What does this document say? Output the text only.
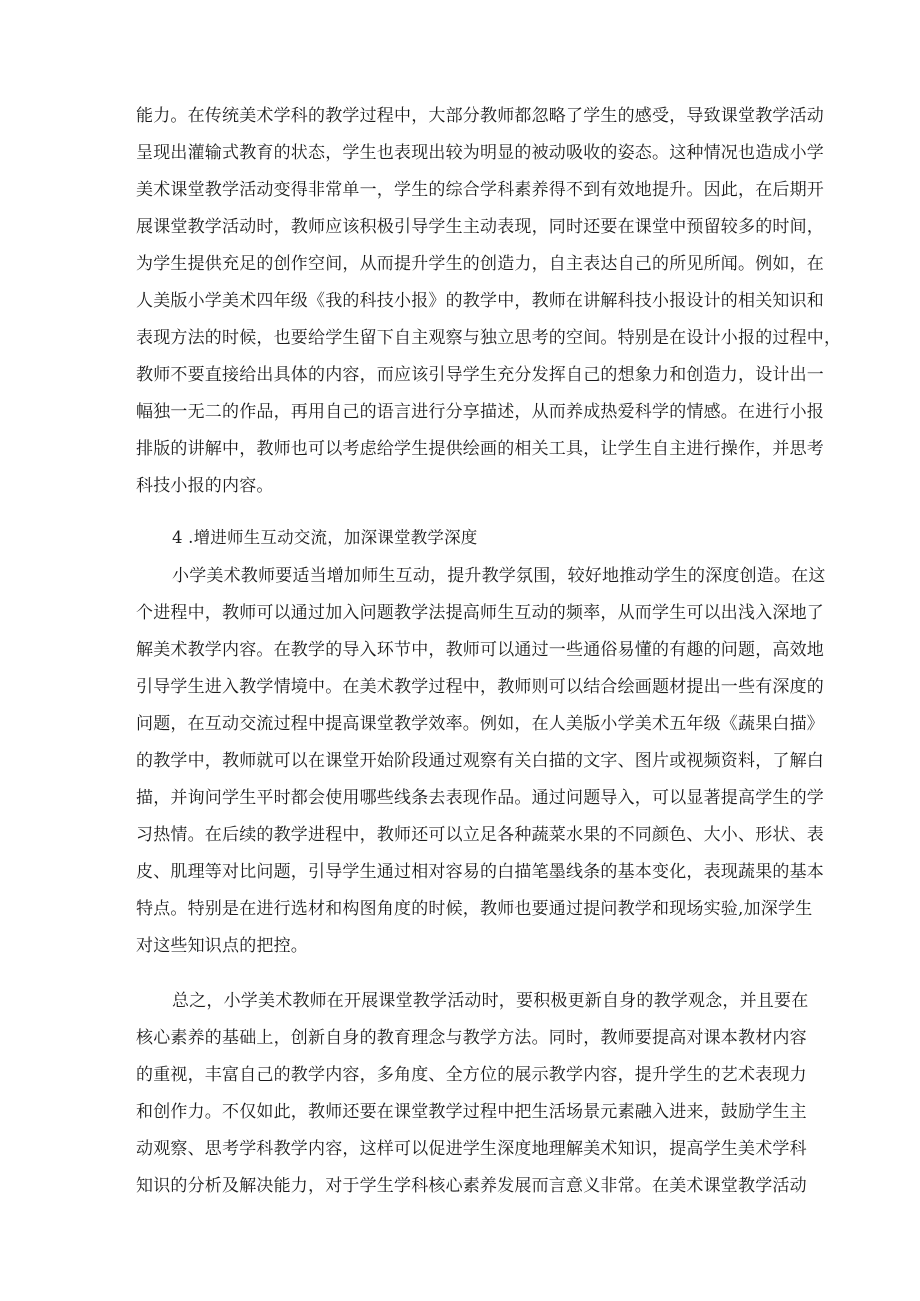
能力。在传统美术学科的教学过程中，大部分教师都忽略了学生的感受，导致课堂教学活动
呈现出灌输式教育的状态，学生也表现出较为明显的被动吸收的姿态。这种情况也造成小学
美术课堂教学活动变得非常单一，学生的综合学科素养得不到有效地提升。因此，在后期开
展课堂教学活动时，教师应该积极引导学生主动表现，同时还要在课堂中预留较多的时间，
为学生提供充足的创作空间，从而提升学生的创造力，自主表达自己的所见所闻。例如，在
人美版小学美术四年级《我的科技小报》的教学中，教师在讲解科技小报设计的相关知识和
表现方法的时候，也要给学生留下自主观察与独立思考的空间。特别是在设计小报的过程中，
教师不要直接给出具体的内容，而应该引导学生充分发挥自己的想象力和创造力，设计出一
幅独一无二的作品，再用自己的语言进行分享描述，从而养成热爱科学的情感。在进行小报
排版的讲解中，教师也可以考虑给学生提供绘画的相关工具，让学生自主进行操作，并思考
科技小报的内容。
4 .增进师生互动交流，加深课堂教学深度
小学美术教师要适当增加师生互动，提升教学氛围，较好地推动学生的深度创造。在这
个进程中，教师可以通过加入问题教学法提高师生互动的频率，从而学生可以出浅入深地了
解美术教学内容。在教学的导入环节中，教师可以通过一些通俗易懂的有趣的问题，高效地
引导学生进入教学情境中。在美术教学过程中，教师则可以结合绘画题材提出一些有深度的
问题，在互动交流过程中提高课堂教学效率。例如，在人美版小学美术五年级《蔬果白描》
的教学中，教师就可以在课堂开始阶段通过观察有关白描的文字、图片或视频资料，了解白
描，并询问学生平时都会使用哪些线条去表现作品。通过问题导入，可以显著提高学生的学
习热情。在后续的教学进程中，教师还可以立足各种蔬菜水果的不同颜色、大小、形状、表
皮、肌理等对比问题，引导学生通过相对容易的白描笔墨线条的基本变化，表现蔬果的基本
特点。特别是在进行选材和构图角度的时候，教师也要通过提问教学和现场实验,加深学生
对这些知识点的把控。
总之，小学美术教师在开展课堂教学活动时，要积极更新自身的教学观念，并且要在
核心素养的基础上，创新自身的教育理念与教学方法。同时，教师要提高对课本教材内容
的重视，丰富自己的教学内容，多角度、全方位的展示教学内容，提升学生的艺术表现力
和创作力。不仅如此，教师还要在课堂教学过程中把生活场景元素融入进来，鼓励学生主
动观察、思考学科教学内容，这样可以促进学生深度地理解美术知识，提高学生美术学科
知识的分析及解决能力，对于学生学科核心素养发展而言意义非常。在美术课堂教学活动
